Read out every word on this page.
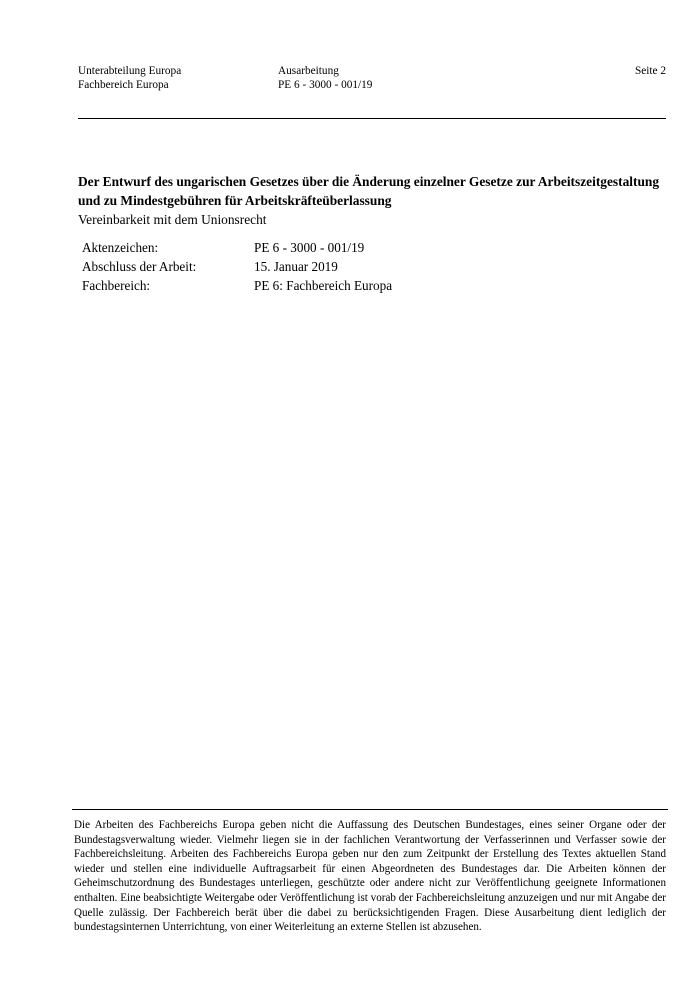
Unterabteilung Europa	Ausarbeitung	Seite 2
Fachbereich Europa	PE 6 - 3000 - 001/19
Der Entwurf des ungarischen Gesetzes über die Änderung einzelner Gesetze zur Arbeitszeitgestaltung und zu Mindestgebühren für Arbeitskräfteüberlassung
Vereinbarkeit mit dem Unionsrecht
Aktenzeichen:	PE 6 - 3000 - 001/19
Abschluss der Arbeit:	15. Januar 2019
Fachbereich:	PE 6: Fachbereich Europa
Die Arbeiten des Fachbereichs Europa geben nicht die Auffassung des Deutschen Bundestages, eines seiner Organe oder der Bundestagsverwaltung wieder. Vielmehr liegen sie in der fachlichen Verantwortung der Verfasserinnen und Verfasser sowie der Fachbereichsleitung. Arbeiten des Fachbereichs Europa geben nur den zum Zeitpunkt der Erstellung des Textes aktuellen Stand wieder und stellen eine individuelle Auftragsarbeit für einen Abgeordneten des Bundestages dar. Die Arbeiten können der Geheimschutzordnung des Bundestages unterliegen, geschützte oder andere nicht zur Veröffentlichung geeignete Informationen enthalten. Eine beabsichtigte Weitergabe oder Veröffentlichung ist vorab der Fachbereichsleitung anzuzeigen und nur mit Angabe der Quelle zulässig. Der Fachbereich berät über die dabei zu berücksichtigenden Fragen. Diese Ausarbeitung dient lediglich der bundestagsinternen Unterrichtung, von einer Weiterleitung an externe Stellen ist abzusehen.
